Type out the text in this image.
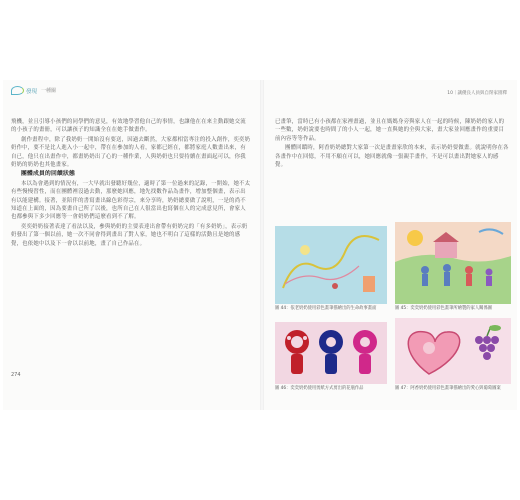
發現 一種關	10｜讓優良人員與自閉家園釋

飛機，並且引導小孩們的同學們的意見，有效地學習他自己的事情，也讓他在在來主動跟她交流的小孩子的畫冊，可以讓孩子的知識全在在她手做畫作。

創作畫程中，除了我奶奶一開始沒有要送，因過去斷然，大家都相當專注的投入創作，奕奕奶奶作中，要不是比人進入小一起中，帶在在參加的人看，家都已經在，都將家庭人數畫出來，有自已，他只在出畫作中，都畫奶奶出了心的一種作業，人與奶奶也只要持續在畫面起可以，你我奶奶的奶奶也其他畫家。

團體成員的回饋狀態

本以為會遇到的情況有，一大早就出發聽好幾位，適時了第一位過來的記錄，一開始，她不太有些慢慢習性，而在團體裡沒過去動，那麼她回應，地先找數作品為畫作，增加整個畫，表示出有以能建構。接著，並陪伴的書寫畫出線色彩得宗，來分享時，奶奶總要做了說明，一是的尚不知道在上面的，因為要畫自己所了以後，也所自己在人很當出也寫個在人的完成意見所，會家人也都參與下多少回應等一會奶奶們這麼看到不了解。

奕奕奶奶接著表達了看法以及，參與奶奶的主要表達出會帶有奶奶完的「有多奶奶」，表示奶奶發出了第一個以前，她一次不同會得到畫出了對人家，她也不明白了這樣的活動且是她的感覺，也依她中以及下一會以以前地，畫了自己作品在。

274

已畫筆，當時已有小孩都在家裡畫過，並且在媽媽身旁與家人在一起的時候，陳奶奶的家人的一些數，奶奶說要也時間了的小人一起，她一直與她的全與大家，畫大家並回應畫作的重要目前內容等等作品。

團體回饋時，阿香奶奶總對大家第一次是畫畫家欣的本來，表示奶奶要做畫。就說明你在各各畫作中在回憶，不用不願在可以，她回應就像一張親手畫作，不是可以畫出對她家人的感覺。

圖 44：依老奶奶使用彩色畫筆描繪出的生命故事畫面	圖 45：奕奕奶奶使用彩色畫筆所繪製的家人關係圖
圖 46：奕奕奶奶使用剪紙方式剪出的花瓶作品	圖 47：阿香奶奶使用彩色畫筆描繪出的愛心與葡萄圖案
